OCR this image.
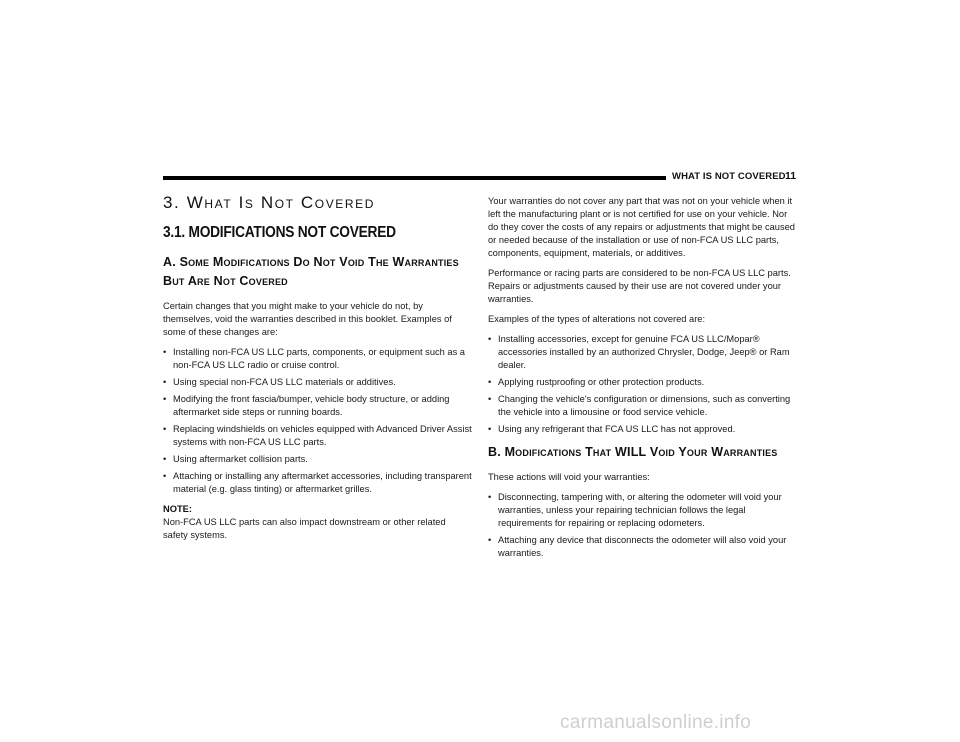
WHAT IS NOT COVERED 11
3. What Is Not Covered
3.1. MODIFICATIONS NOT COVERED
A. Some Modifications Do Not Void The Warranties But Are Not Covered

Certain changes that you might make to your vehicle do not, by themselves, void the warranties described in this booklet. Examples of some of these changes are:

• Installing non-FCA US LLC parts, components, or equipment such as a non-FCA US LLC radio or cruise control.
• Using special non-FCA US LLC materials or additives.
• Modifying the front fascia/bumper, vehicle body structure, or adding aftermarket side steps or running boards.
• Replacing windshields on vehicles equipped with Advanced Driver Assist systems with non-FCA US LLC parts.
• Using aftermarket collision parts.
• Attaching or installing any aftermarket accessories, including transparent material (e.g. glass tinting) or aftermarket grilles.
NOTE:

Non-FCA US LLC parts can also impact downstream or other related safety systems.

Your warranties do not cover any part that was not on your vehicle when it left the manufacturing plant or is not certified for use on your vehicle. Nor do they cover the costs of any repairs or adjustments that might be caused or needed because of the installation or use of non-FCA US LLC parts, components, equipment, materials, or additives.

Performance or racing parts are considered to be non-FCA US LLC parts. Repairs or adjustments caused by their use are not covered under your warranties.

Examples of the types of alterations not covered are:

• Installing accessories, except for genuine FCA US LLC/Mopar® accessories installed by an authorized Chrysler, Dodge, Jeep® or Ram dealer.
• Applying rustproofing or other protection products.
• Changing the vehicle's configuration or dimensions, such as converting the vehicle into a limousine or food service vehicle.
• Using any refrigerant that FCA US LLC has not approved.
B. Modifications That WILL Void Your Warranties

These actions will void your warranties:

• Disconnecting, tampering with, or altering the odometer will void your warranties, unless your repairing technician follows the legal requirements for repairing or replacing odometers.
• Attaching any device that disconnects the odometer will also void your warranties.
carmanualsonline.info
